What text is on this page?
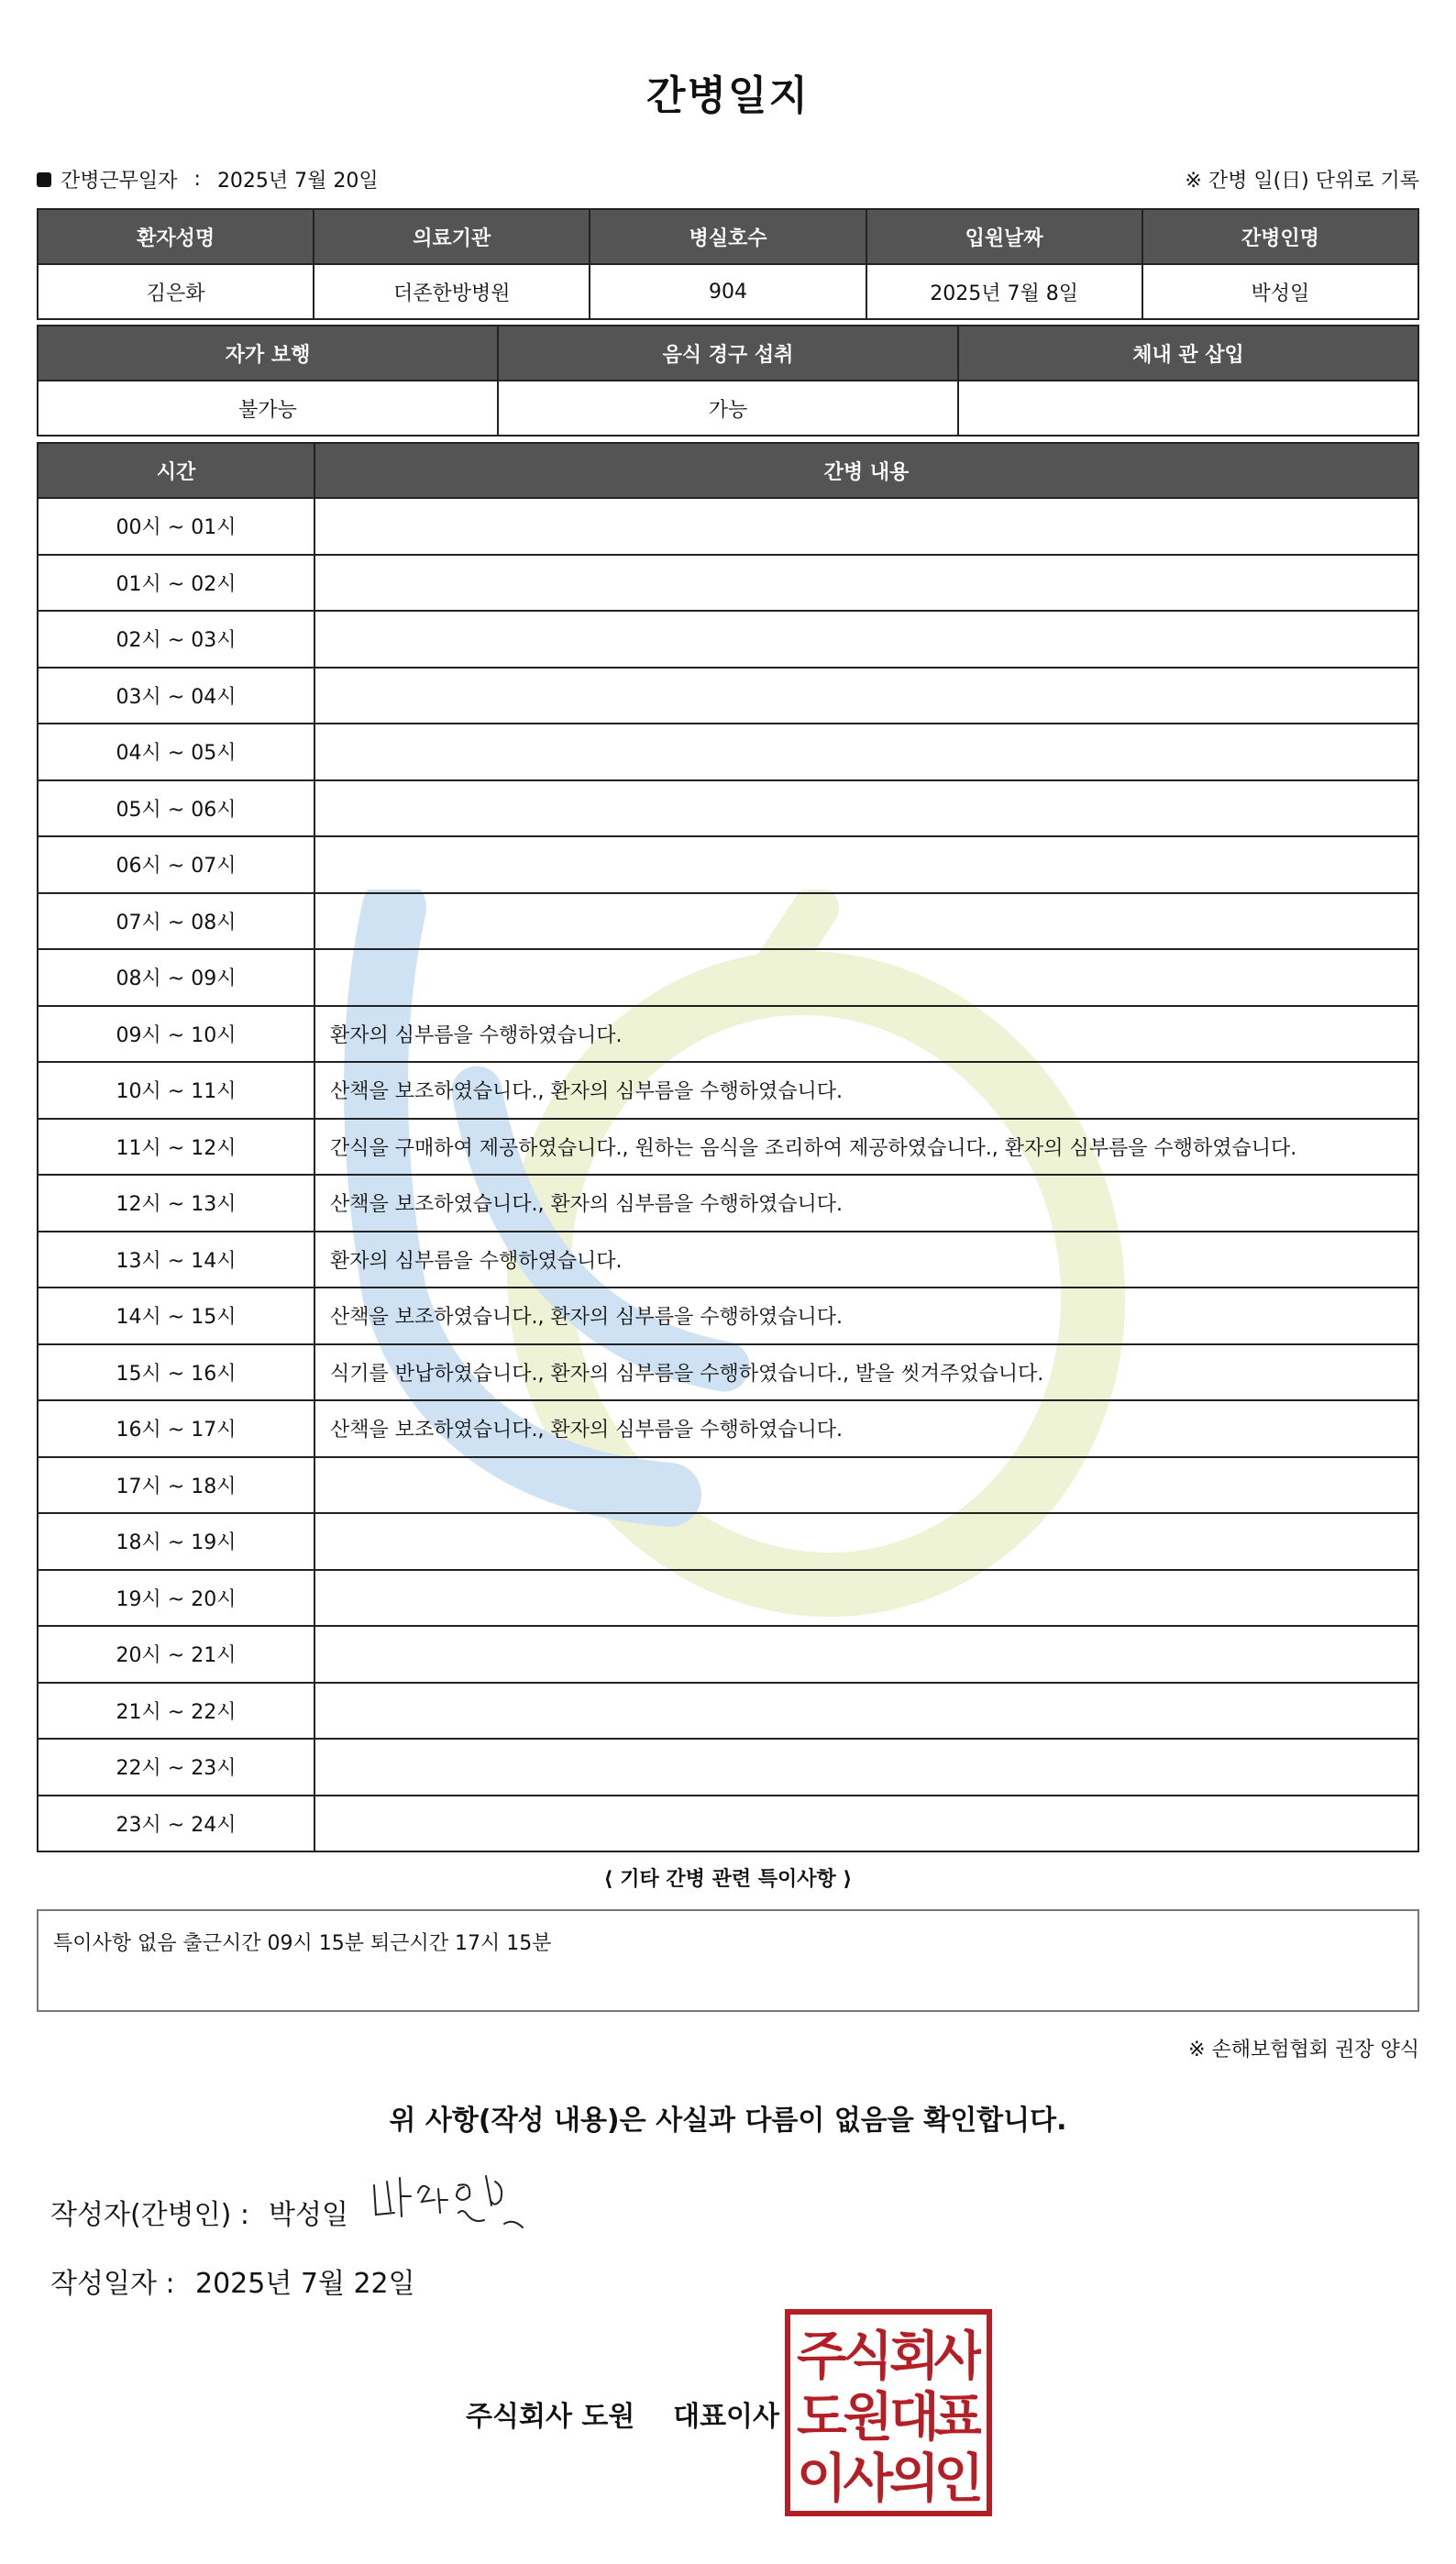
간병일지
간병근무일자 : 2025년 7월 20일	※ 간병 일(日) 단위로 기록
환자성명	의료기관	병실호수	입원날짜	간병인명
김은화	더존한방병원	904	2025년 7월 8일	박성일
자가 보행	음식 경구 섭취	체내 관 삽입
불가능	가능	
시간	간병 내용
00시 ~ 01시	
01시 ~ 02시	
02시 ~ 03시	
03시 ~ 04시	
04시 ~ 05시	
05시 ~ 06시	
06시 ~ 07시	
07시 ~ 08시	
08시 ~ 09시	
09시 ~ 10시	환자의 심부름을 수행하였습니다.
10시 ~ 11시	산책을 보조하였습니다., 환자의 심부름을 수행하였습니다.
11시 ~ 12시	간식을 구매하여 제공하였습니다., 원하는 음식을 조리하여 제공하였습니다., 환자의 심부름을 수행하였습니다.
12시 ~ 13시	산책을 보조하였습니다., 환자의 심부름을 수행하였습니다.
13시 ~ 14시	환자의 심부름을 수행하였습니다.
14시 ~ 15시	산책을 보조하였습니다., 환자의 심부름을 수행하였습니다.
15시 ~ 16시	식기를 반납하였습니다., 환자의 심부름을 수행하였습니다., 발을 씻겨주었습니다.
16시 ~ 17시	산책을 보조하였습니다., 환자의 심부름을 수행하였습니다.
17시 ~ 18시	
18시 ~ 19시	
19시 ~ 20시	
20시 ~ 21시	
21시 ~ 22시	
22시 ~ 23시	
23시 ~ 24시	
⟨ 기타 간병 관련 특이사항 ⟩
특이사항 없음 출근시간 09시 15분 퇴근시간 17시 15분
※ 손해보험협회 권장 양식
위 사항(작성 내용)은 사실과 다름이 없음을 확인합니다.
작성자(간병인) : 박성일
작성일자 : 2025년 7월 22일
주식회사 도원    대표이사
주
식
회
사
도
원
대
표
이
사
의
인
